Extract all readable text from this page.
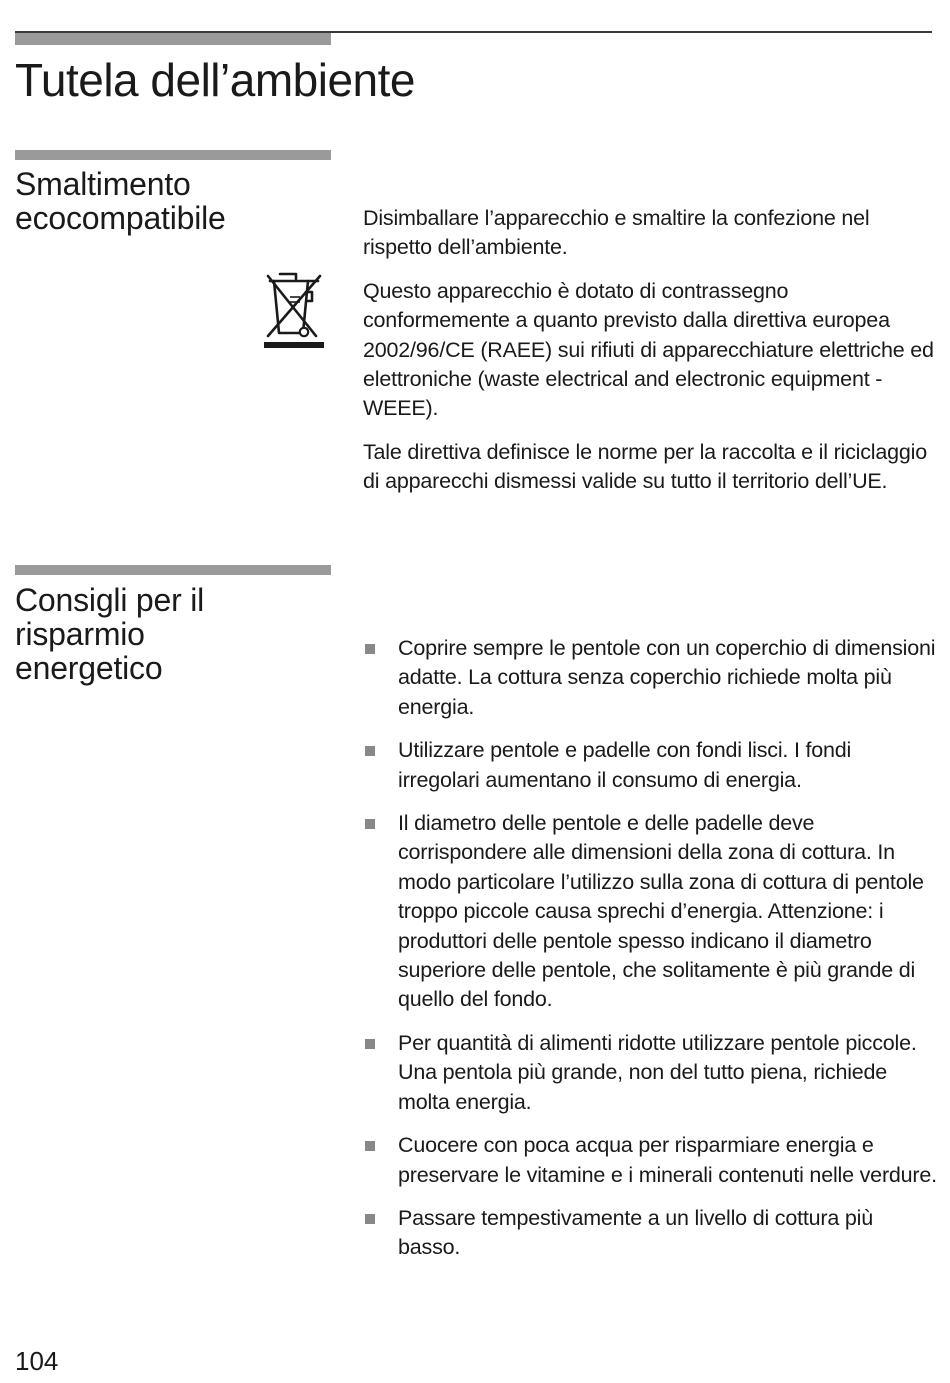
Tutela dell’ambiente
Smaltimento
ecocompatibile	Disimballare l’apparecchio e smaltire la confezione nel rispetto dell’ambiente.

Questo apparecchio è dotato di contrassegno conformemente a quanto previsto dalla direttiva europea 2002/96/CE (RAEE) sui rifiuti di apparecchiature elettriche ed elettroniche (waste electrical and electronic equipment - WEEE).

Tale direttiva definisce le norme per la raccolta e il riciclaggio di apparecchi dismessi valide su tutto il territorio dell’UE.

Consigli per il
risparmio
energetico
Coprire sempre le pentole con un coperchio di dimensioni adatte. La cottura senza coperchio richiede molta più energia.
Utilizzare pentole e padelle con fondi lisci. I fondi irregolari aumentano il consumo di energia.
Il diametro delle pentole e delle padelle deve corrispondere alle dimensioni della zona di cottura. In modo particolare l’utilizzo sulla zona di cottura di pentole troppo piccole causa sprechi d’energia. Attenzione: i produttori delle pentole spesso indicano il diametro superiore delle pentole, che solitamente è più grande di quello del fondo.
Per quantità di alimenti ridotte utilizzare pentole piccole. Una pentola più grande, non del tutto piena, richiede molta energia.
Cuocere con poca acqua per risparmiare energia e preservare le vitamine e i minerali contenuti nelle verdure.
Passare tempestivamente a un livello di cottura più basso.
104
